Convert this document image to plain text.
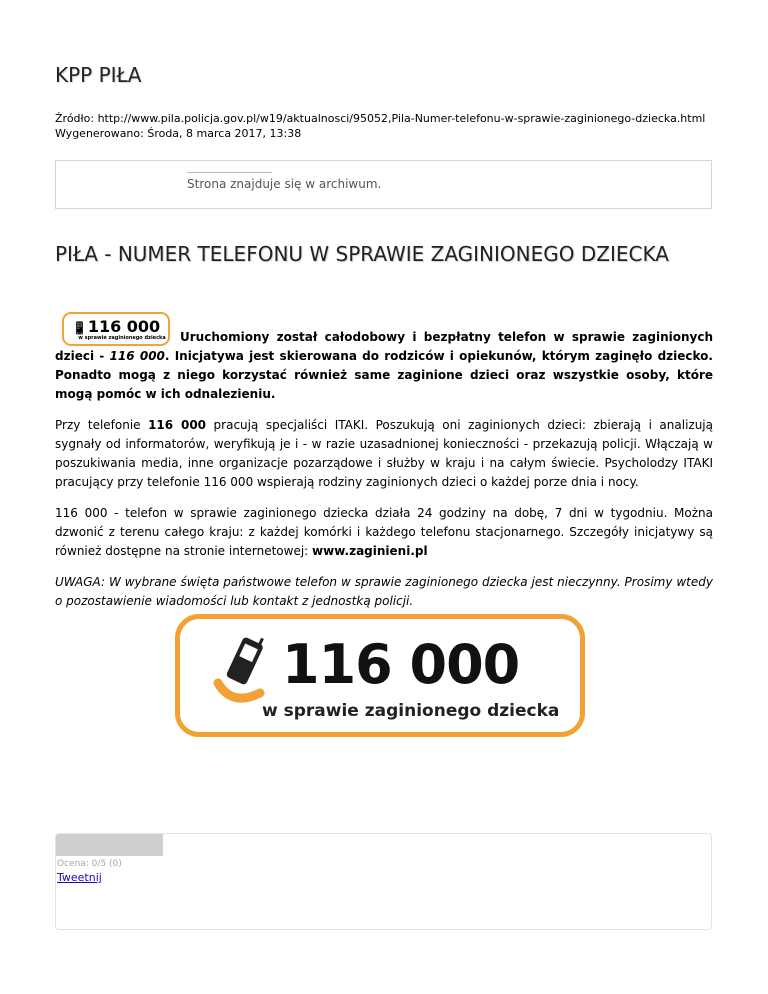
KPP PIŁA
Źródło: http://www.pila.policja.gov.pl/w19/aktualnosci/95052,Pila-Numer-telefonu-w-sprawie-zaginionego-dziecka.html
Wygenerowano: Środa, 8 marca 2017, 13:38
Strona znajduje się w archiwum.
PIŁA - NUMER TELEFONU W SPRAWIE ZAGINIONEGO DZIECKA

📱 116 000
w sprawie zaginionego dziecka Uruchomiony został całodobowy i bezpłatny telefon w sprawie zaginionych dzieci - 116 000. Inicjatywa jest skierowana do rodziców i opiekunów, którym zaginęło dziecko. Ponadto mogą z niego korzystać również same zaginione dzieci oraz wszystkie osoby, które mogą pomóc w ich odnalezieniu.

Przy telefonie 116 000 pracują specjaliści ITAKI. Poszukują oni zaginionych dzieci: zbierają i analizują sygnały od informatorów, weryfikują je i - w razie uzasadnionej konieczności - przekazują policji. Włączają w poszukiwania media, inne organizacje pozarządowe i służby w kraju i na całym świecie. Psycholodzy ITAKI pracujący przy telefonie 116 000 wspierają rodziny zaginionych dzieci o każdej porze dnia i nocy.

116 000 - telefon w sprawie zaginionego dziecka działa 24 godziny na dobę, 7 dni w tygodniu. Można dzwonić z terenu całego kraju: z każdej komórki i każdego telefonu stacjonarnego. Szczegóły inicjatywy są również dostępne na stronie internetowej: www.zaginieni.pl

UWAGA: W wybrane święta państwowe telefon w sprawie zaginionego dziecka jest nieczynny. Prosimy wtedy o pozostawienie wiadomości lub kontakt z jednostką policji.

116 000
w sprawie zaginionego dziecka
Ocena: 0/5 (0)
Tweetnij
